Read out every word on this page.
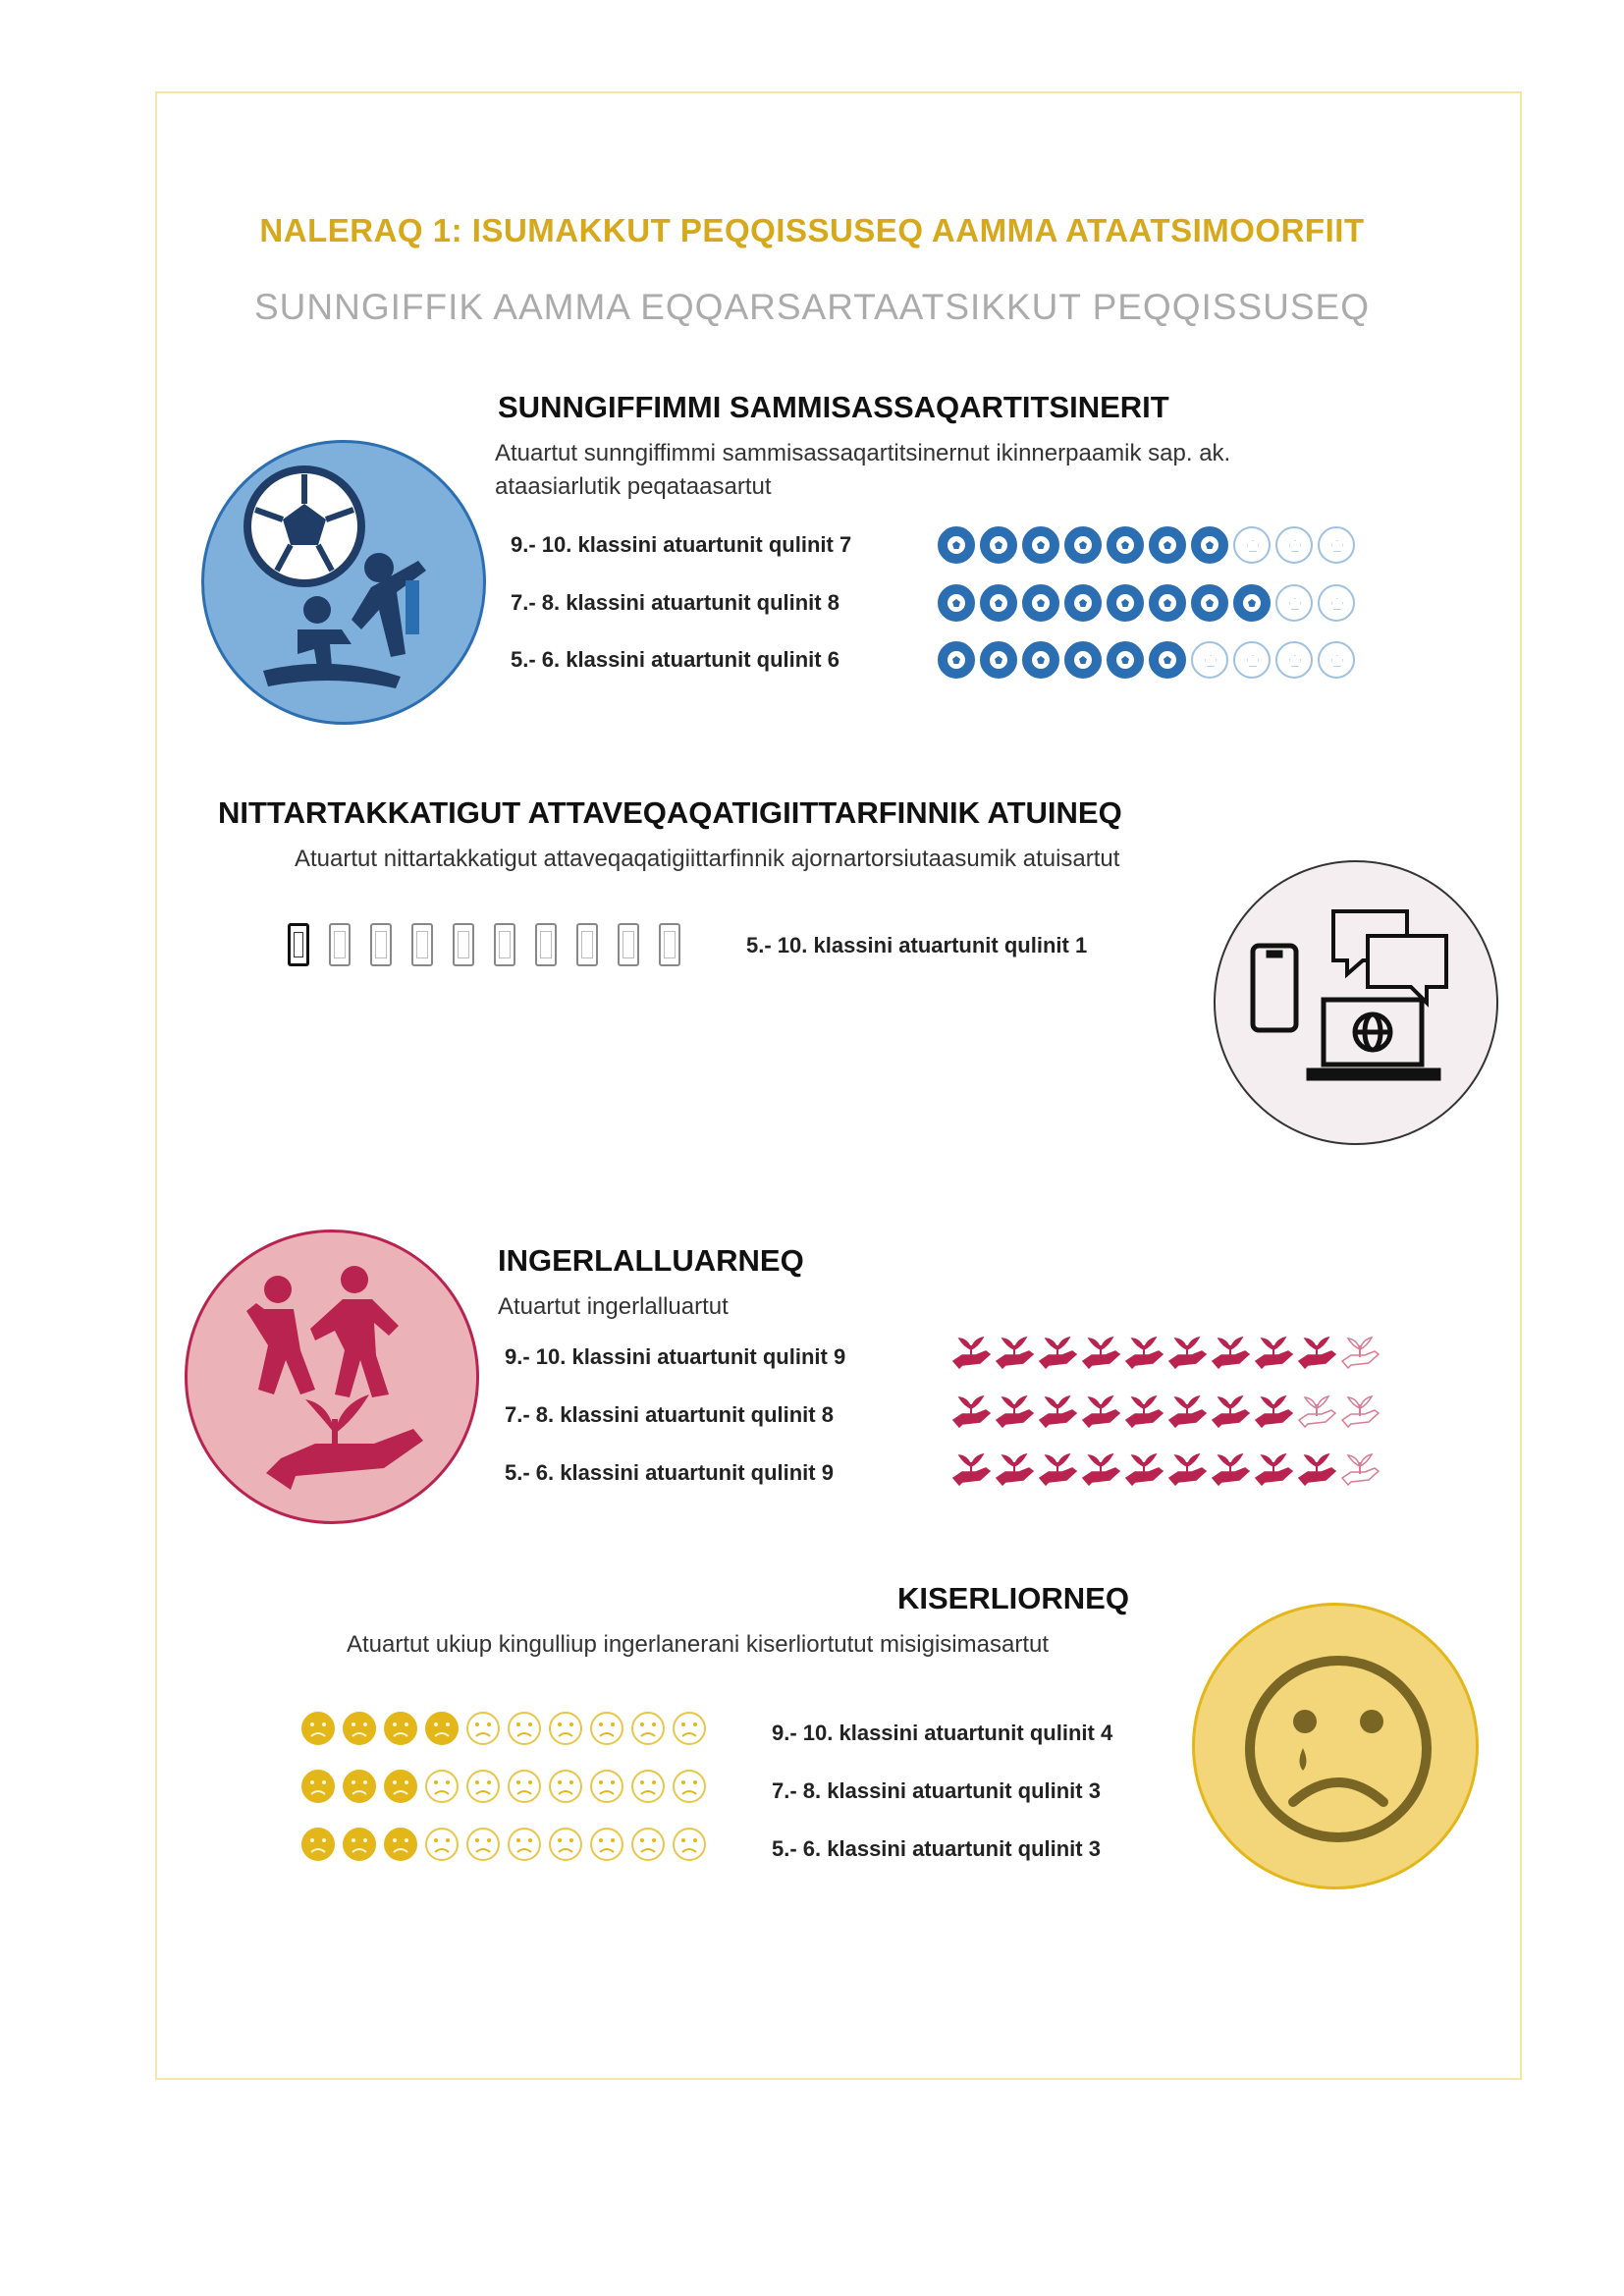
NALERAQ 1: ISUMAKKUT PEQQISSUSEQ AAMMA ATAATSIMOORFIIT
SUNNGIFFIK AAMMA EQQARSARTAATSIKKUT PEQQISSUSEQ
SUNNGIFFIMMI SAMMISASSAQARTITSINERIT
Atuartut sunngiffimmi sammisassaqartitsinernut ikinnerpaamik sap. ak. ataasiarlutik peqataasartut
9.- 10. klassini atuartunit qulinit 7
7.- 8. klassini atuartunit qulinit 8
5.- 6. klassini atuartunit qulinit 6
NITTARTAKKATIGUT ATTAVEQAQATIGIITTARFINNIK ATUINEQ
Atuartut nittartakkatigut attaveqaqatigiittarfinnik ajornartorsiutaasumik atuisartut
5.- 10. klassini atuartunit qulinit 1
INGERLALLUARNEQ
Atuartut ingerlalluartut
9.- 10. klassini atuartunit qulinit 9
7.- 8. klassini atuartunit qulinit 8
5.- 6. klassini atuartunit qulinit 9
KISERLIORNEQ
Atuartut ukiup kingulliup ingerlanerani kiserliortutut misigisimasartut
9.- 10. klassini atuartunit qulinit 4
7.- 8. klassini atuartunit qulinit 3
5.- 6. klassini atuartunit qulinit 3
